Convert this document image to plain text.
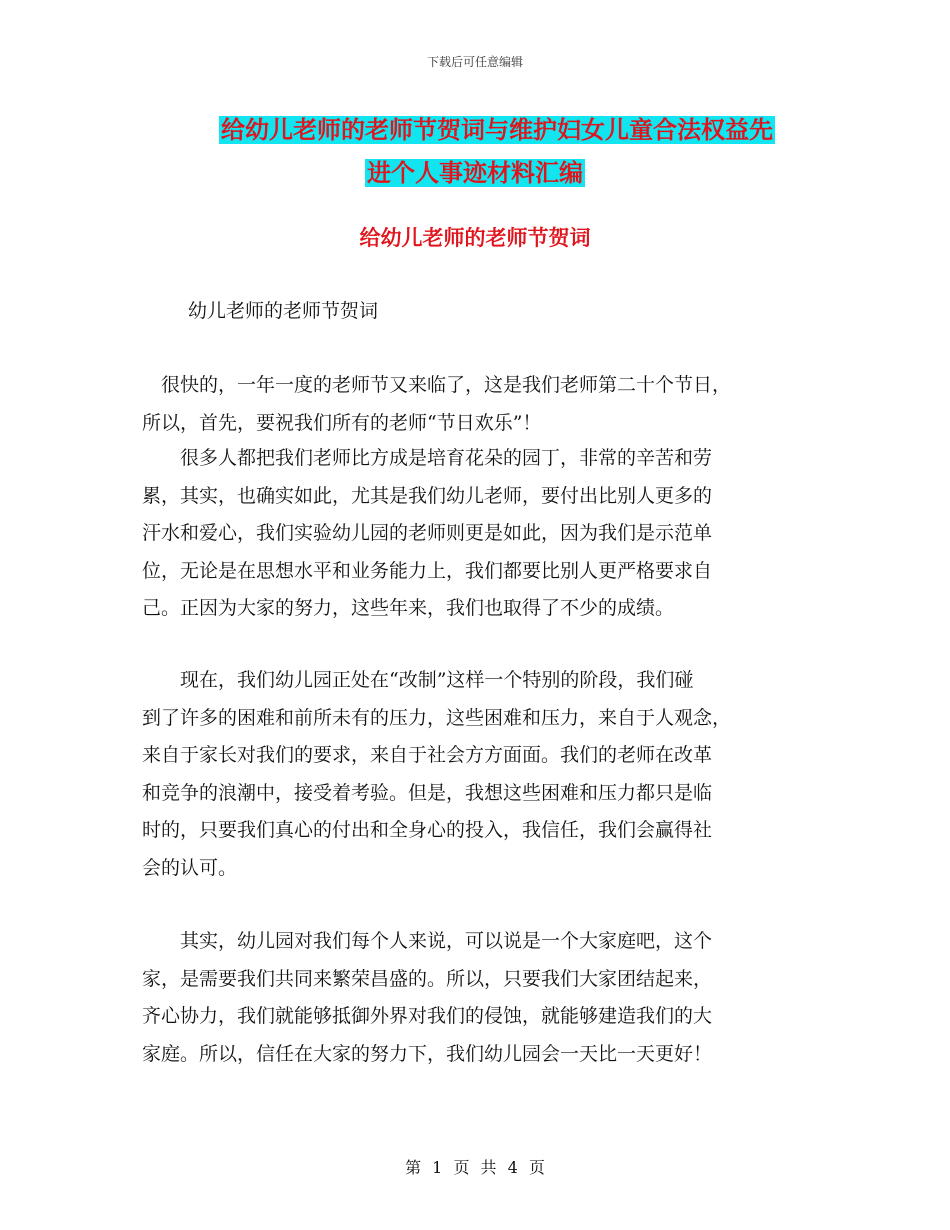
下载后可任意编辑
给幼儿老师的老师节贺词与维护妇女儿童合法权益先
进个人事迹材料汇编
给幼儿老师的老师节贺词
幼儿老师的老师节贺词
　很快的，一年一度的老师节又来临了，这是我们老师第二十个节日，
所以，首先，要祝我们所有的老师“节日欢乐”！
　　很多人都把我们老师比方成是培育花朵的园丁，非常的辛苦和劳
累，其实，也确实如此，尤其是我们幼儿老师，要付出比别人更多的
汗水和爱心，我们实验幼儿园的老师则更是如此，因为我们是示范单
位，无论是在思想水平和业务能力上，我们都要比别人更严格要求自
己。正因为大家的努力，这些年来，我们也取得了不少的成绩。
　　现在，我们幼儿园正处在“改制”这样一个特别的阶段，我们碰
到了许多的困难和前所未有的压力，这些困难和压力，来自于人观念，
来自于家长对我们的要求，来自于社会方方面面。我们的老师在改革
和竞争的浪潮中，接受着考验。但是，我想这些困难和压力都只是临
时的，只要我们真心的付出和全身心的投入，我信任，我们会赢得社
会的认可。
　　其实，幼儿园对我们每个人来说，可以说是一个大家庭吧，这个
家，是需要我们共同来繁荣昌盛的。所以，只要我们大家团结起来，
齐心协力，我们就能够抵御外界对我们的侵蚀，就能够建造我们的大
家庭。所以，信任在大家的努力下，我们幼儿园会一天比一天更好！
第 1 页 共 4 页
